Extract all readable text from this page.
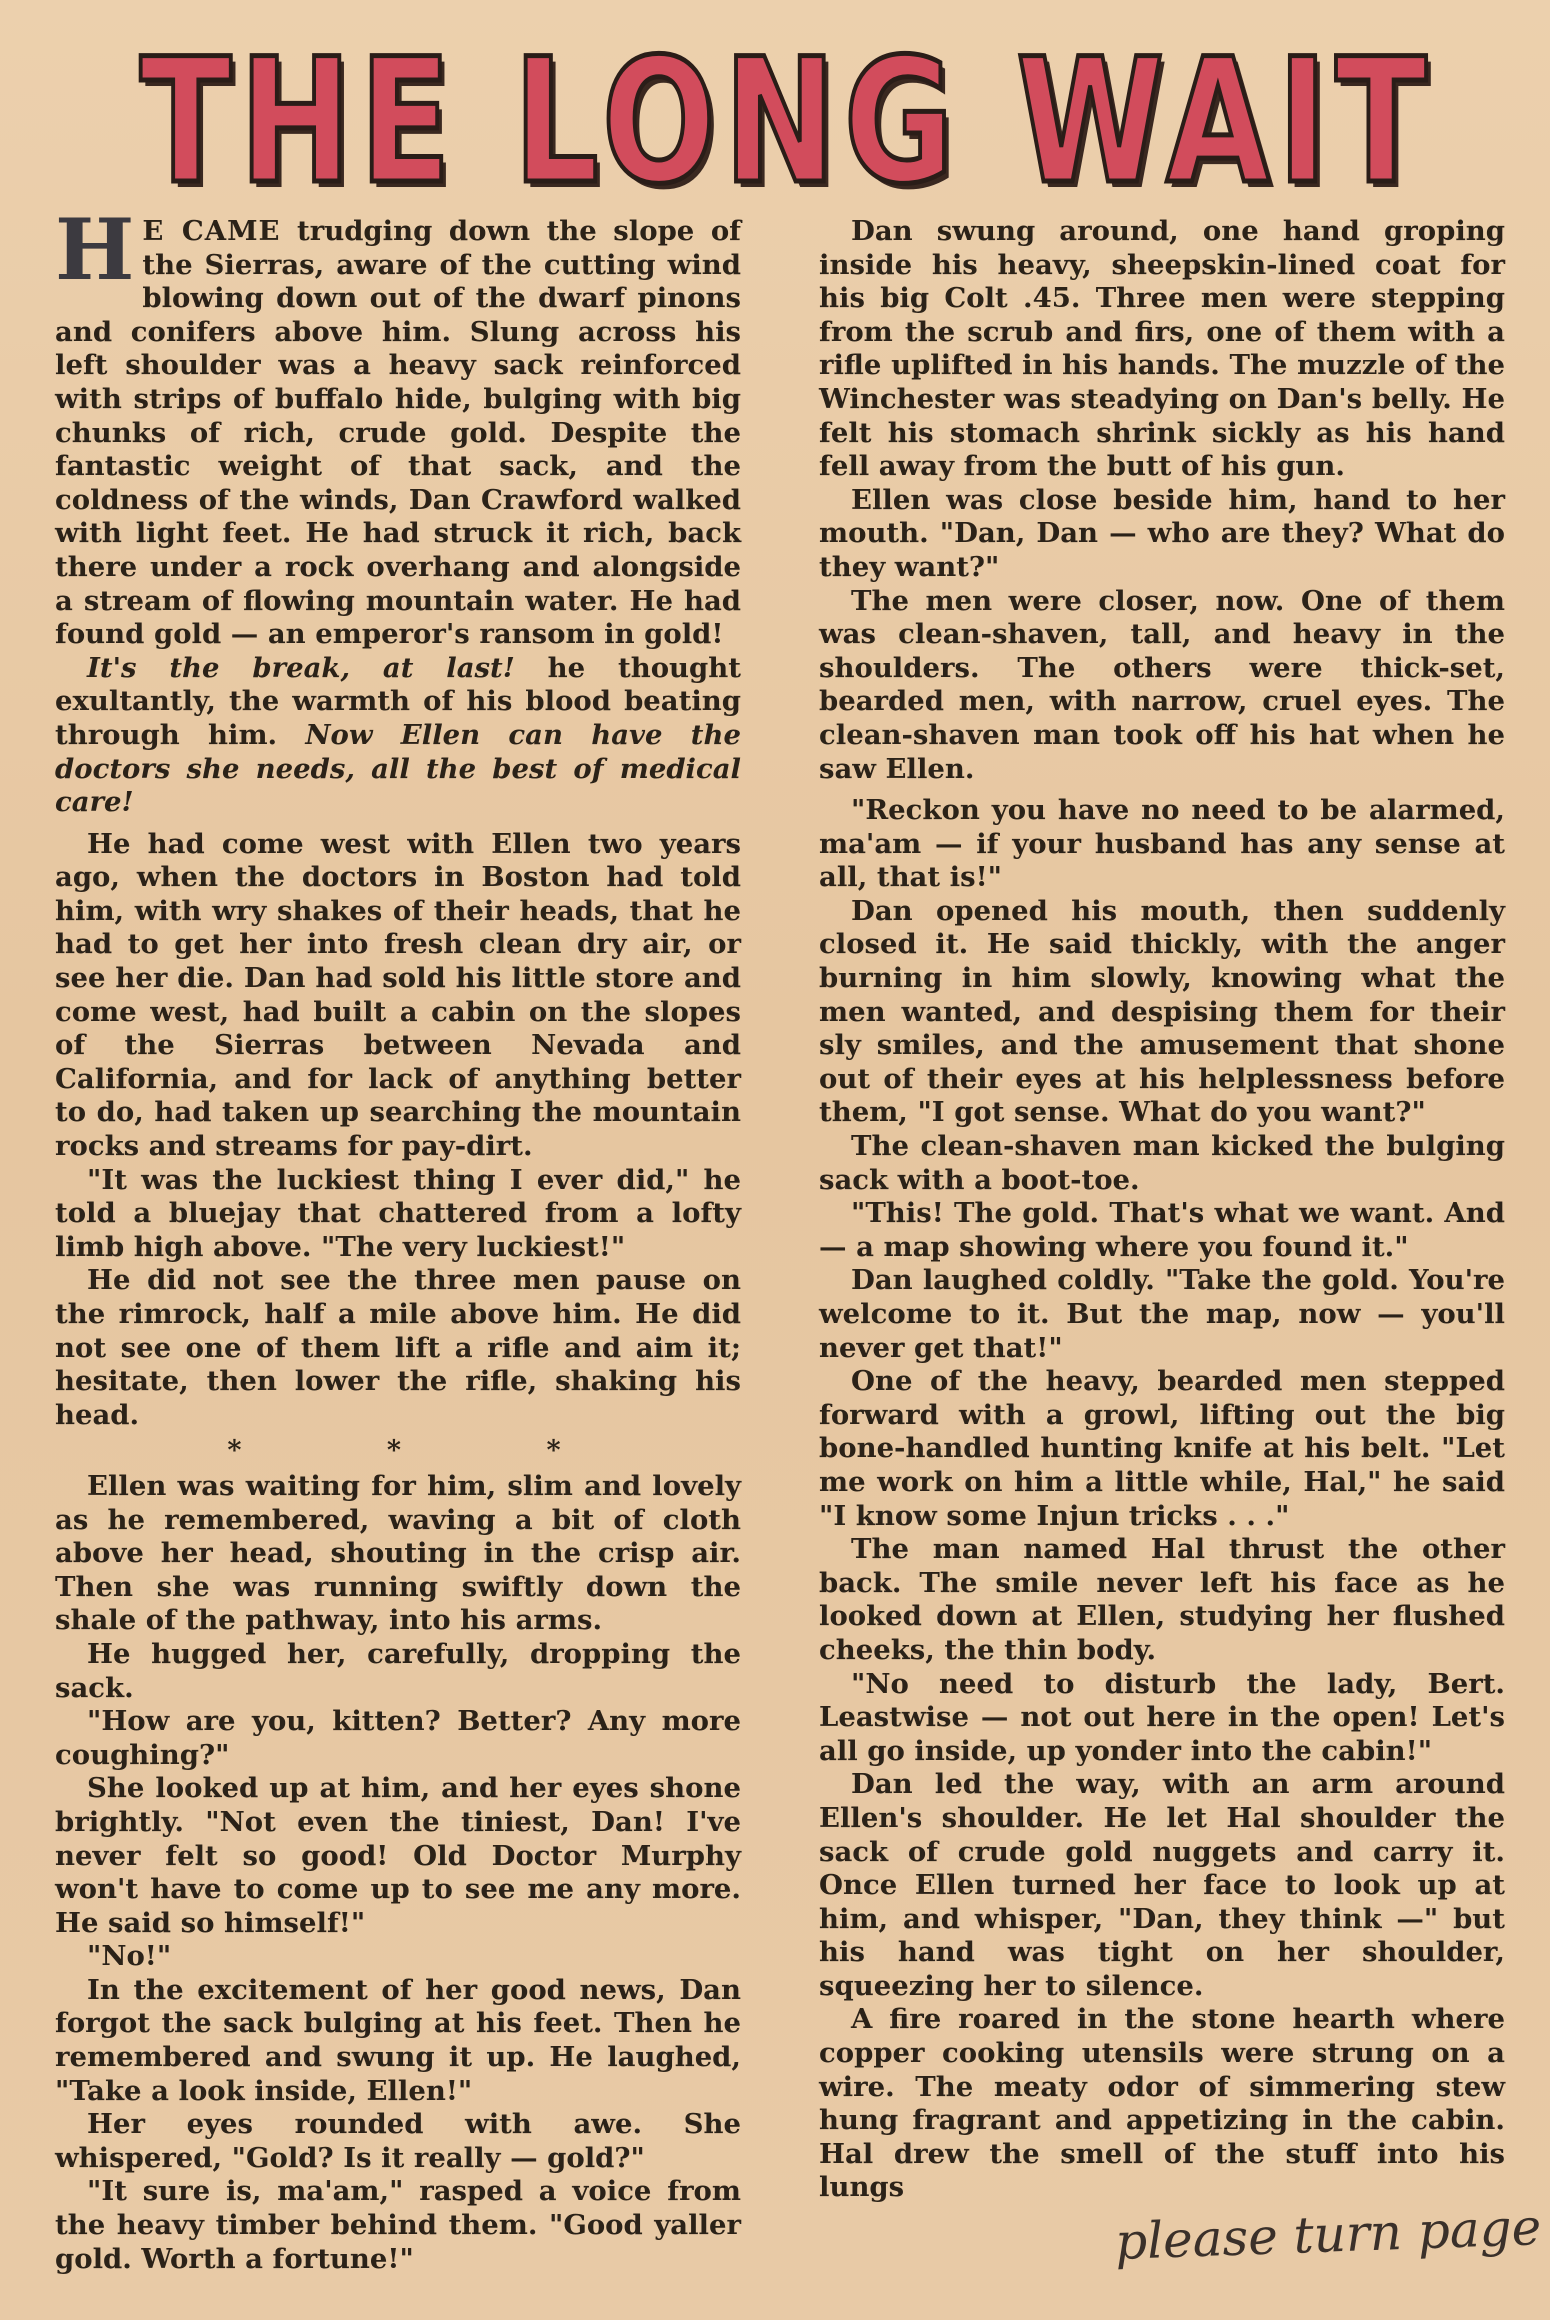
THE LONG WAIT

H E CAME trudging down the slope of the Sierras, aware of the cutting wind blowing down out of the dwarf pinons and conifers above him. Slung across his left shoulder was a heavy sack reinforced with strips of buffalo hide, bulging with big chunks of rich, crude gold. Despite the fantastic weight of that sack, and the coldness of the winds, Dan Crawford walked with light feet. He had struck it rich, back there under a rock overhang and alongside a stream of flowing mountain water. He had found gold — an emperor's ransom in gold!

It's the break, at last! he thought exultantly, the warmth of his blood beating through him. Now Ellen can have the doctors she needs, all the best of medical care!

He had come west with Ellen two years ago, when the doctors in Boston had told him, with wry shakes of their heads, that he had to get her into fresh clean dry air, or see her die. Dan had sold his little store and come west, had built a cabin on the slopes of the Sierras between Nevada and California, and for lack of anything better to do, had taken up searching the mountain rocks and streams for pay-dirt.

"It was the luckiest thing I ever did," he told a bluejay that chattered from a lofty limb high above. "The very luckiest!"

He did not see the three men pause on the rimrock, half a mile above him. He did not see one of them lift a rifle and aim it; hesitate, then lower the rifle, shaking his head.

* * *

Ellen was waiting for him, slim and lovely as he remembered, waving a bit of cloth above her head, shouting in the crisp air. Then she was running swiftly down the shale of the pathway, into his arms.

He hugged her, carefully, dropping the sack.

"How are you, kitten? Better? Any more coughing?"

She looked up at him, and her eyes shone brightly. "Not even the tiniest, Dan! I've never felt so good! Old Doctor Murphy won't have to come up to see me any more. He said so himself!"

"No!"

In the excitement of her good news, Dan forgot the sack bulging at his feet. Then he remembered and swung it up. He laughed, "Take a look inside, Ellen!"

Her eyes rounded with awe. She whispered, "Gold? Is it really — gold?"

"It sure is, ma'am," rasped a voice from the heavy timber behind them. "Good yaller gold. Worth a fortune!"

Dan swung around, one hand groping inside his heavy, sheepskin-lined coat for his big Colt .45. Three men were stepping from the scrub and firs, one of them with a rifle uplifted in his hands. The muzzle of the Winchester was steadying on Dan's belly. He felt his stomach shrink sickly as his hand fell away from the butt of his gun.

Ellen was close beside him, hand to her mouth. "Dan, Dan — who are they? What do they want?"

The men were closer, now. One of them was clean-shaven, tall, and heavy in the shoulders. The others were thick-set, bearded men, with narrow, cruel eyes. The clean-shaven man took off his hat when he saw Ellen.

"Reckon you have no need to be alarmed, ma'am — if your husband has any sense at all, that is!"

Dan opened his mouth, then suddenly closed it. He said thickly, with the anger burning in him slowly, knowing what the men wanted, and despising them for their sly smiles, and the amusement that shone out of their eyes at his helplessness before them, "I got sense. What do you want?"

The clean-shaven man kicked the bulging sack with a boot-toe.

"This! The gold. That's what we want. And — a map showing where you found it."

Dan laughed coldly. "Take the gold. You're welcome to it. But the map, now — you'll never get that!"

One of the heavy, bearded men stepped forward with a growl, lifting out the big bone-handled hunting knife at his belt. "Let me work on him a little while, Hal," he said "I know some Injun tricks . . ."

The man named Hal thrust the other back. The smile never left his face as he looked down at Ellen, studying her flushed cheeks, the thin body.

"No need to disturb the lady, Bert. Leastwise — not out here in the open! Let's all go inside, up yonder into the cabin!"

Dan led the way, with an arm around Ellen's shoulder. He let Hal shoulder the sack of crude gold nuggets and carry it. Once Ellen turned her face to look up at him, and whisper, "Dan, they think —" but his hand was tight on her shoulder, squeezing her to silence.

A fire roared in the stone hearth where copper cooking utensils were strung on a wire. The meaty odor of simmering stew hung fragrant and appetizing in the cabin. Hal drew the smell of the stuff into his lungs

please turn page
